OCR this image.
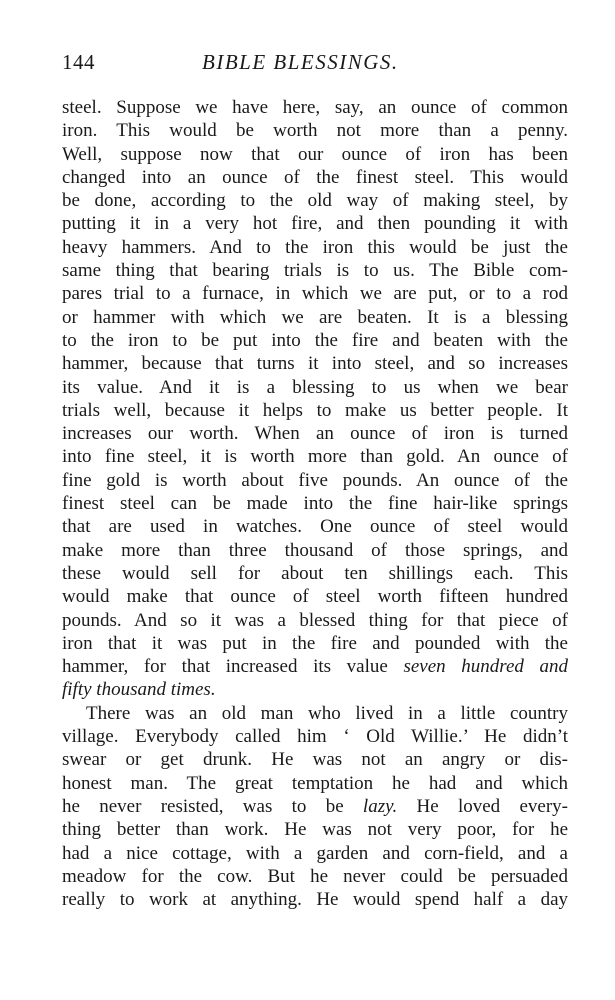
144	BIBLE BLESSINGS.
steel. Suppose we have here, say, an ounce of common
iron. This would be worth not more than a penny.
Well, suppose now that our ounce of iron has been
changed into an ounce of the finest steel. This would
be done, according to the old way of making steel, by
putting it in a very hot fire, and then pounding it with
heavy hammers. And to the iron this would be just the
same thing that bearing trials is to us. The Bible com-
pares trial to a furnace, in which we are put, or to a rod
or hammer with which we are beaten. It is a blessing
to the iron to be put into the fire and beaten with the
hammer, because that turns it into steel, and so increases
its value. And it is a blessing to us when we bear
trials well, because it helps to make us better people. It
increases our worth. When an ounce of iron is turned
into fine steel, it is worth more than gold. An ounce of
fine gold is worth about five pounds. An ounce of the
finest steel can be made into the fine hair-like springs
that are used in watches. One ounce of steel would
make more than three thousand of those springs, and
these would sell for about ten shillings each. This
would make that ounce of steel worth fifteen hundred
pounds. And so it was a blessed thing for that piece of
iron that it was put in the fire and pounded with the
hammer, for that increased its value seven hundred and
fifty thousand times.
There was an old man who lived in a little country
village. Everybody called him ‘ Old Willie.’ He didn’t
swear or get drunk. He was not an angry or dis-
honest man. The great temptation he had and which
he never resisted, was to be lazy. He loved every-
thing better than work. He was not very poor, for he
had a nice cottage, with a garden and corn-field, and a
meadow for the cow. But he never could be persuaded
really to work at anything. He would spend half a day
